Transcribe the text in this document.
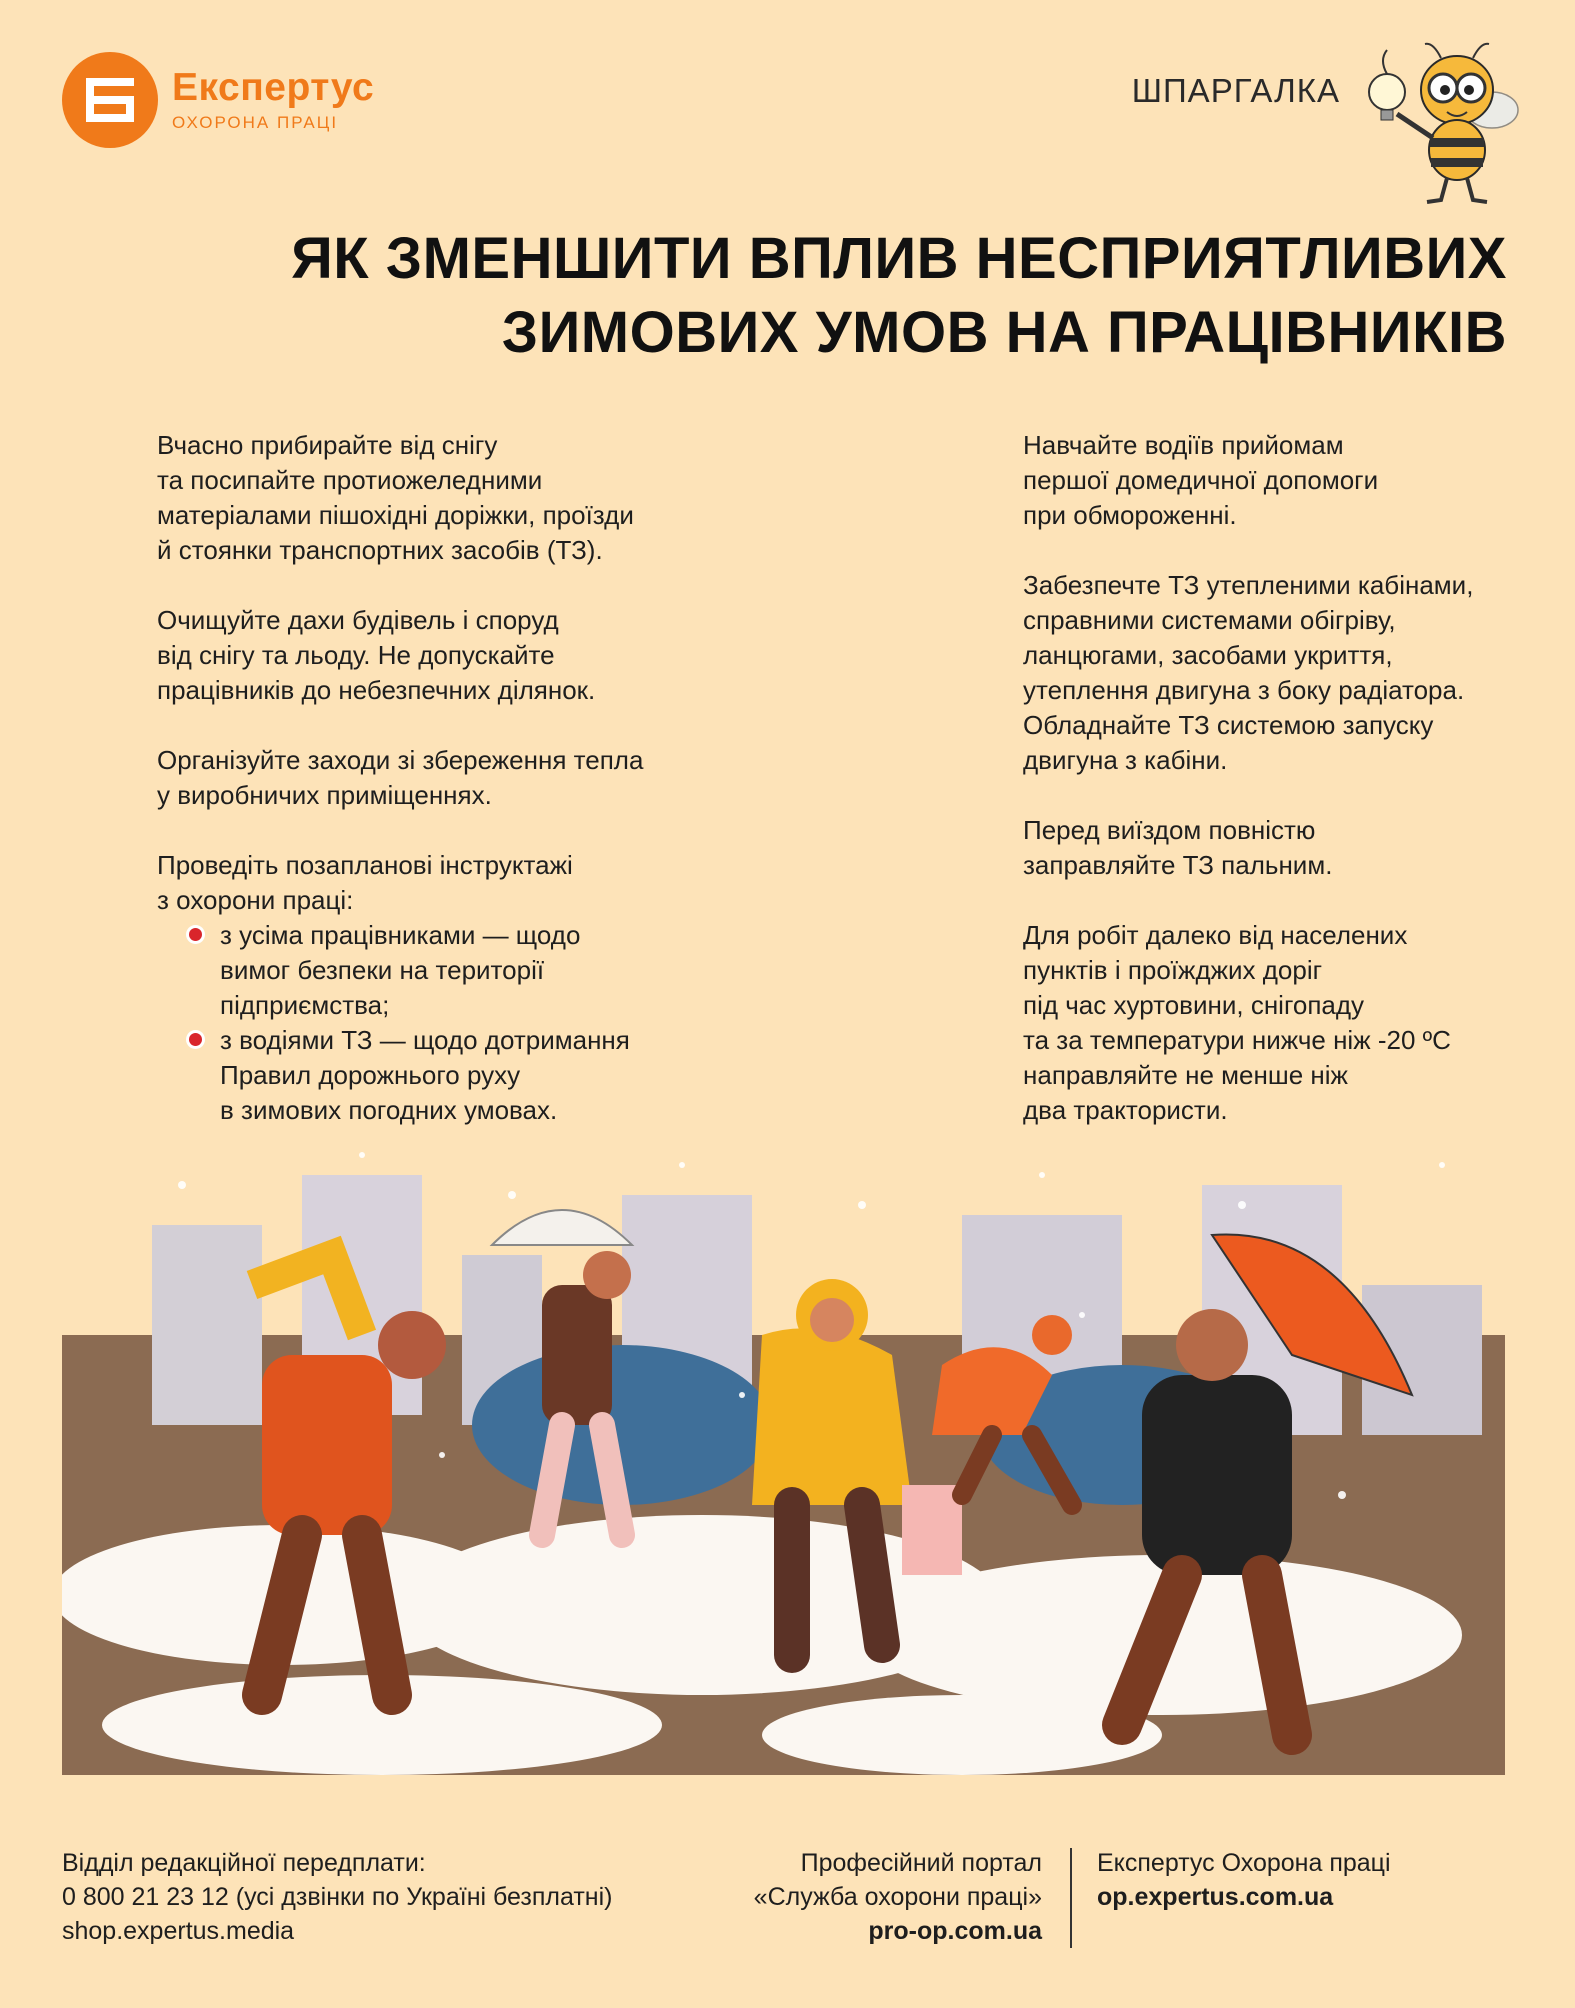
Експертус
ОХОРОНА ПРАЦІ
ШПАРГАЛКА
ЯК ЗМЕНШИТИ ВПЛИВ НЕСПРИЯТЛИВИХ
ЗИМОВИХ УМОВ НА ПРАЦІВНИКІВ

Вчасно прибирайте від снігу
та посипайте протиожеледними
матеріалами пішохідні доріжки, проїзди
й стоянки транспортних засобів (ТЗ).

Очищуйте дахи будівель і споруд
від снігу та льоду. Не допускайте
працівників до небезпечних ділянок.

Організуйте заходи зі збереження тепла
у виробничих приміщеннях.

Проведіть позапланові інструктажі
з охорони праці:

з усіма працівниками — щодо
вимог безпеки на території
підприємства;
з водіями ТЗ — щодо дотримання
Правил дорожнього руху
в зимових погодних умовах.

Навчайте водіїв прийомам
першої домедичної допомоги
при обмороженні.

Забезпечте ТЗ утепленими кабінами,
справними системами обігріву,
ланцюгами, засобами укриття,
утеплення двигуна з боку радіатора.
Обладнайте ТЗ системою запуску
двигуна з кабіни.

Перед виїздом повністю
заправляйте ТЗ пальним.

Для робіт далеко від населених
пунктів і проїжджих доріг
під час хуртовини, снігопаду
та за температури нижче ніж -20 ºС
направляйте не менше ніж
два трактористи.

Відділ редакційної передплати:
0 800 21 23 12 (усі дзвінки по Україні безплатні)
shop.expertus.media
Професійний портал
«Служба охорони праці»
pro-op.com.ua
Експертус Охорона праці
op.expertus.com.ua
